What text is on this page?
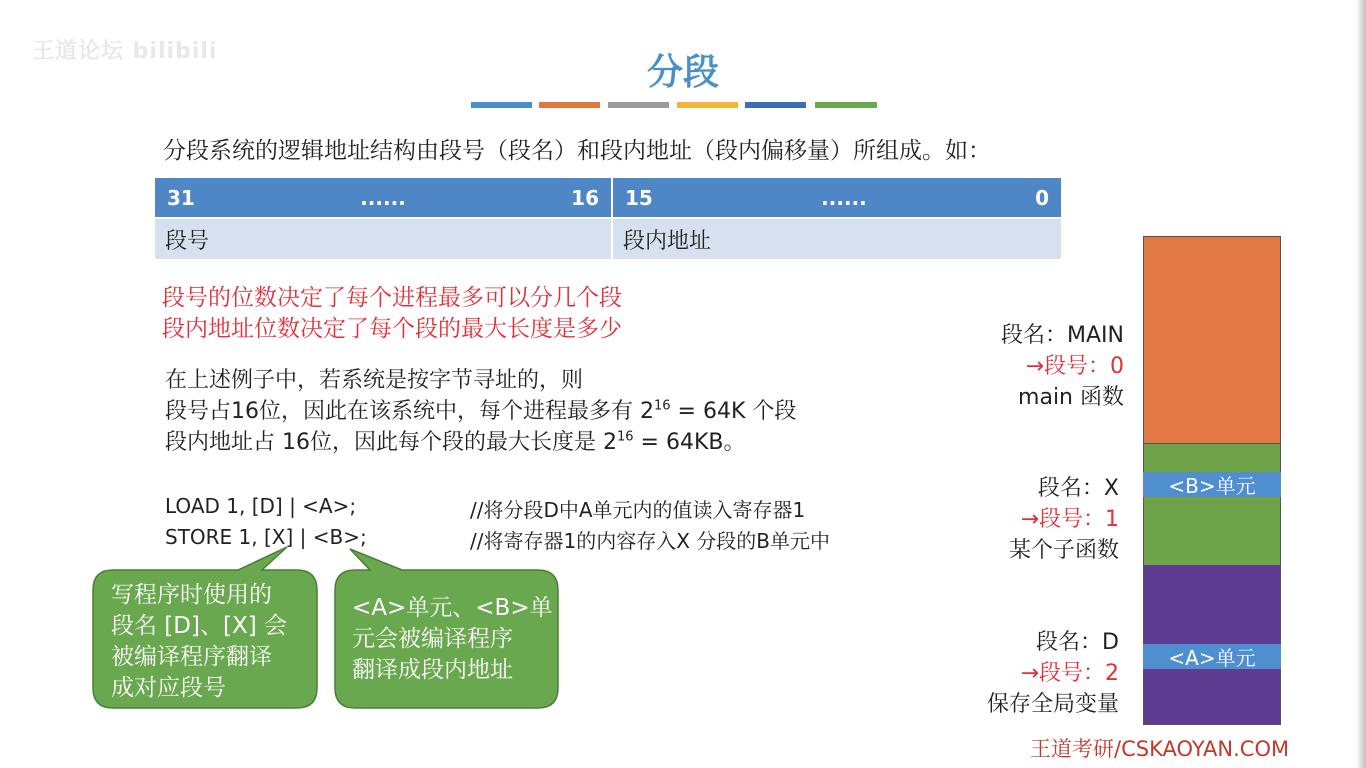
王道论坛 bilibili
分段
分段系统的逻辑地址结构由段号（段名）和段内地址（段内偏移量）所组成。如：
31	......	16 15	......	0
段号	段内地址
段号的位数决定了每个进程最多可以分几个段
段内地址位数决定了每个段的最大长度是多少
在上述例子中，若系统是按字节寻址的，则
段号占16位，因此在该系统中，每个进程最多有 $2^{16} = 64K$ 个段
段内地址占 16位，因此每个段的最大长度是 $2^{16} = 64KB$。
LOAD 1, [D] | <A>;	//将分段D中A单元内的值读入寄存器1
STORE 1, [X] | <B>;	//将寄存器1的内容存入X 分段的B单元中
写程序时使用的
段名 [D]、[X] 会
被编译程序翻译
成对应段号
<A>单元、<B>单
元会被编译程序
翻译成段内地址
段名：MAIN
→段号：0
main 函数
段名：X
→段号：1
某个子函数
段名：D
→段号：2
保存全局变量
<B>单元
<A>单元
王道考研/CSKAOYAN.COM
